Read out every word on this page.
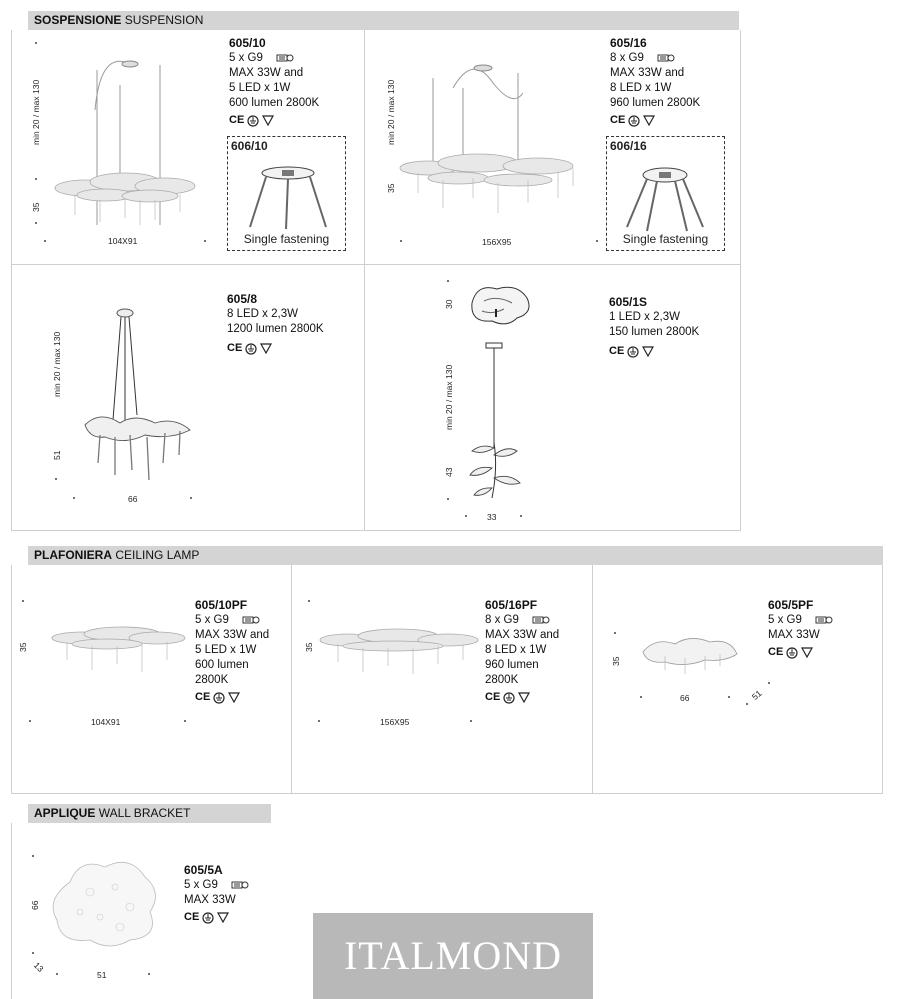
SOSPENSIONE SUSPENSION
min 20 / max 130
35
104X91
605/10
5 x G9
MAX 33W and
5 LED x 1W
600 lumen 2800K
CE
606/10
Single fastening
min 20 / max 130
35
156X95
605/16
8 x G9
MAX 33W and
8 LED x 1W
960 lumen 2800K
CE
606/16
Single fastening
min 20 / max 130
51
66
605/8
8 LED x 2,3W
1200 lumen 2800K
CE
30
min 20 / max 130
43
33
605/1S
1 LED x 2,3W
150 lumen 2800K
CE
PLAFONIERA CEILING LAMP
35
104X91
605/10PF
5 x G9
MAX 33W and
5 LED x 1W
600 lumen
2800K
CE
35
156X95
605/16PF
8 x G9
MAX 33W and
8 LED x 1W
960 lumen
2800K
CE
35
66	51
605/5PF
5 x G9
MAX 33W
CE
APPLIQUE WALL BRACKET
66
13
51
605/5A
5 x G9
MAX 33W
CE
ITALMOND
